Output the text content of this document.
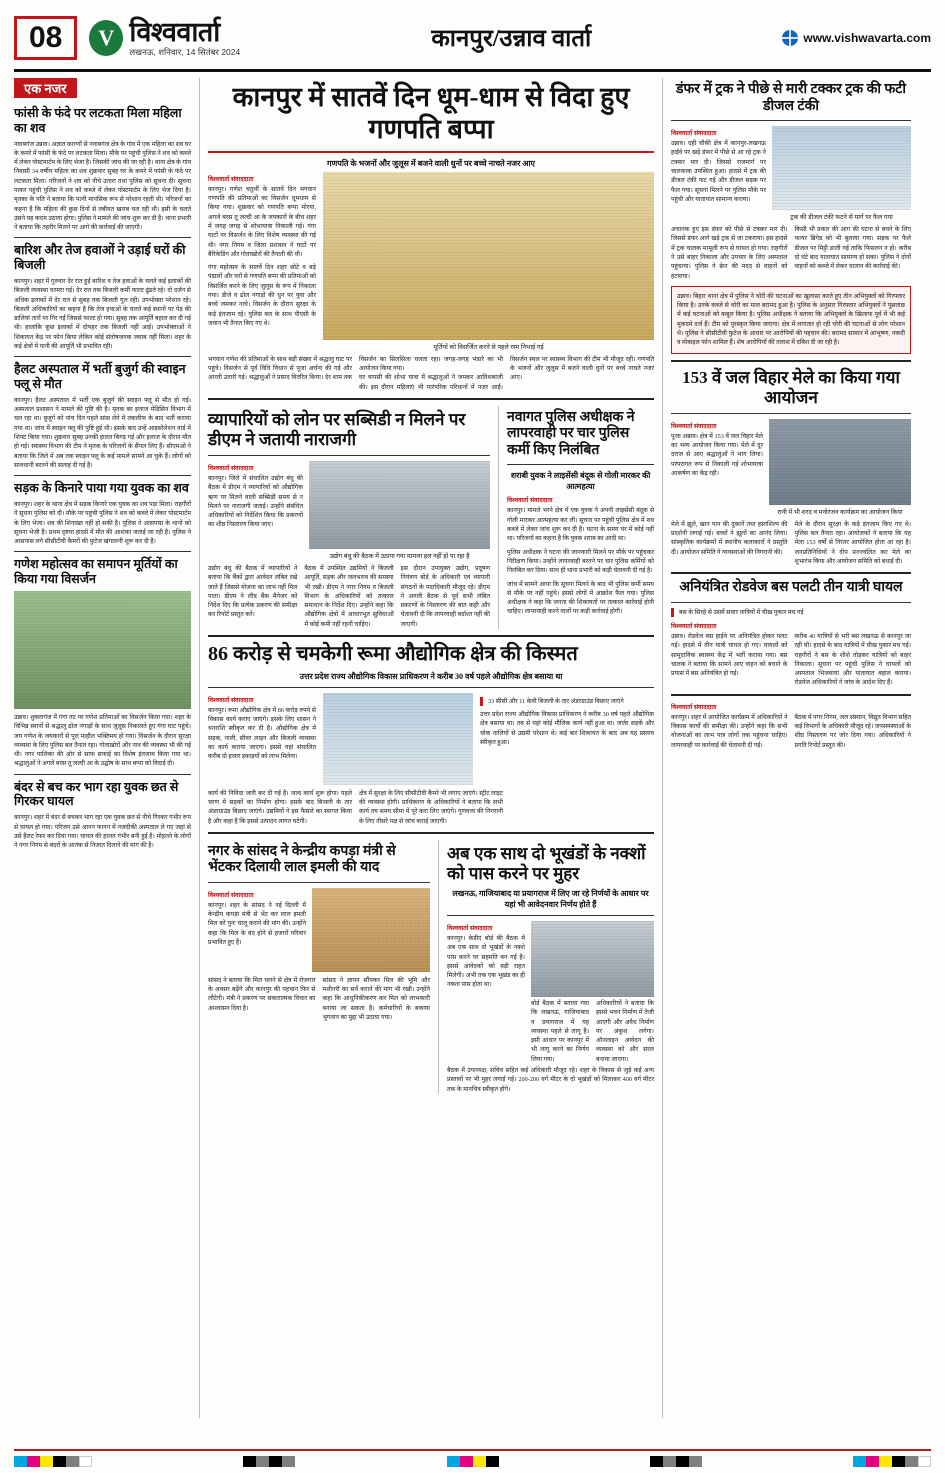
08	V विश्ववार्ता
लखनऊ, शनिवार, 14 सितंबर 2024	कानपुर/उन्नाव वार्ता	www.vishwavarta.com
एक नजर
फांसी के फंदे पर लटकता मिला महिला का शव
नवाबगंज उन्नाव। अज्ञात कारणों से नवाबगंज क्षेत्र के गांव में एक महिला का शव घर के कमरे में फांसी के फंदे पर लटकता मिला। मौके पर पहुंची पुलिस ने शव को कब्जे में लेकर पोस्टमार्टम के लिए भेजा है। जिसकी जांच की जा रही है। थाना क्षेत्र के गांव निवासी 34 वर्षीय महिला का शव शुक्रवार सुबह घर के कमरे में फांसी के फंदे पर लटकता मिला। परिजनों ने शव को नीचे उतारा तथा पुलिस को सूचना दी। सूचना पाकर पहुंची पुलिस ने शव को कब्जे में लेकर पोस्टमार्टम के लिए भेज दिया है। मृतका के पति ने बताया कि पत्नी मानसिक रूप से परेशान रहती थी। परिजनों का कहना है कि महिला की कुछ दिनों से तबीयत खराब चल रही थी। इसी के चलते उसने यह कदम उठाया होगा। पुलिस ने मामले की जांच शुरू कर दी है। थाना प्रभारी ने बताया कि तहरीर मिलने पर आगे की कार्रवाई की जाएगी।
बारिश और तेज हवाओं ने उड़ाई घरों की बिजली
कानपुर। शहर में गुरुवार देर रात हुई बारिश व तेज हवाओं के चलते कई इलाकों की बिजली व्यवस्था चरमरा गई। देर रात तक बिजली कर्मी फाल्ट ढूंढते रहे। दो दर्जन से अधिक इलाकों में देर रात से सुबह तक बिजली गुल रही। उपभोक्ता परेशान रहे। बिजली अधिकारियों का कहना है कि तेज हवाओं के चलते कई स्थानों पर पेड़ की डालियां तारों पर गिर गईं जिससे फाल्ट हो गया। सुबह तक आपूर्ति बहाल कर दी गई थी। हालांकि कुछ इलाकों में दोपहर तक बिजली नहीं आई। उपभोक्ताओं ने शिकायत केंद्र पर फोन किया लेकिन कोई संतोषजनक जवाब नहीं मिला। शहर के कई क्षेत्रों में पानी की आपूर्ति भी प्रभावित रही।
हैलट अस्पताल में भर्ती बुजुर्ग की स्वाइन फ्लू से मौत
कानपुर। हैलट अस्पताल में भर्ती एक बुजुर्ग की स्वाइन फ्लू से मौत हो गई। अस्पताल प्रशासन ने मामले की पुष्टि की है। मृतक का इलाज मेडिसिन विभाग में चल रहा था। बुजुर्ग को पांच दिन पहले सांस लेने में तकलीफ के बाद भर्ती कराया गया था। जांच में स्वाइन फ्लू की पुष्टि हुई थी। इसके बाद उन्हें आइसोलेशन वार्ड में शिफ्ट किया गया। शुक्रवार सुबह उनकी हालत बिगड़ गई और इलाज के दौरान मौत हो गई। स्वास्थ्य विभाग की टीम ने मृतक के परिजनों के सैंपल लिए हैं। सीएमओ ने बताया कि जिले में अब तक स्वाइन फ्लू के कई मामले सामने आ चुके हैं। लोगों को सावधानी बरतने की सलाह दी गई है।
सड़क के किनारे पाया गया युवक का शव
कानपुर। शहर के थाना क्षेत्र में सड़क किनारे एक युवक का शव पड़ा मिला। राहगीरों ने सूचना पुलिस को दी। मौके पर पहुंची पुलिस ने शव को कब्जे में लेकर पोस्टमार्टम के लिए भेजा। शव की शिनाख्त नहीं हो सकी है। पुलिस ने आसपास के थानों को सूचना भेजी है। प्रथम दृष्टया हादसे में मौत की आशंका जताई जा रही है। पुलिस ने आसपास लगे सीसीटीवी कैमरों की फुटेज खंगालनी शुरू कर दी है।
गणेश महोत्सव का समापन मूर्तियों का किया गया विसर्जन
उन्नाव। शुक्लागंज में गंगा तट पर गणेश प्रतिमाओं का विसर्जन किया गया। शहर के विभिन्न स्थानों से श्रद्धालु ढोल नगाड़ों के साथ जुलूस निकालते हुए गंगा घाट पहुंचे। जय गणेश के जयकारों से पूरा माहौल भक्तिमय हो गया। विसर्जन के दौरान सुरक्षा व्यवस्था के लिए पुलिस बल तैनात रहा। गोताखोरों और नाव की व्यवस्था भी की गई थी। नगर पालिका की ओर से साफ सफाई का विशेष इंतजाम किया गया था। श्रद्धालुओं ने अगले बरस तू जल्दी आ के उद्घोष के साथ बप्पा को विदाई दी।
बंदर से बच कर भाग रहा युवक छत से गिरकर घायल
कानपुर। शहर में बंदर से बचकर भाग रहा एक युवक छत से नीचे गिरकर गंभीर रूप से घायल हो गया। परिजन उसे आनन फानन में नजदीकी अस्पताल ले गए जहां से उसे हैलट रेफर कर दिया गया। घायल की हालत गंभीर बनी हुई है। मोहल्ले के लोगों ने नगर निगम से बंदरों के आतंक से निजात दिलाने की मांग की है।
कानपुर में सातवें दिन धूम-धाम से विदा हुए गणपति बप्पा
गणपति के भजनों और जुलूस में बजने वाली धुनों पर बच्चे नाचते नजर आए
विश्ववार्ता संवाददाता
कानपुर। गणेश चतुर्थी के सातवें दिन भगवान गणपति की प्रतिमाओं का विसर्जन धूमधाम से किया गया। शुक्रवार को गणपति बप्पा मोरया, अगले बरस तू जल्दी आ के जयकारों के बीच शहर में जगह जगह से शोभायात्रा निकाली गई। गंगा घाटों पर विसर्जन के लिए विशेष व्यवस्था की गई थी। नगर निगम व जिला प्रशासन ने घाटों पर बैरिकेडिंग और गोताखोरों की तैनाती की थी।
गंगा महोत्सव के सातवें दिन शहर छोटे व बड़े पंडालों और घरों से गणपति बप्पा की प्रतिमाओं को विसर्जित करने के लिए जुलूस के रूप में निकाला गया। डीजे व ढोल नगाड़ों की धुन पर युवा और बच्चे जमकर नाचे। विसर्जन के दौरान सुरक्षा के कड़े इंतजाम रहे। पुलिस बल के साथ पीएसी के जवान भी तैनात किए गए थे।
मूर्तियों को विसर्जित करने से पहले रस्म निभाई गई
भगवान गणेश की प्रतिमाओं के साथ बड़ी संख्या में श्रद्धालु घाट पर पहुंचे। विसर्जन से पूर्व विधि विधान से पूजा अर्चना की गई और आरती उतारी गई। श्रद्धालुओं ने प्रसाद वितरित किया। देर शाम तक विसर्जन का सिलसिला चलता रहा। जगह-जगह भंडारे का भी आयोजन किया गया।
घर वापसी की शोभा यात्रा में श्रद्धालुओं ने जमकर आतिशबाजी की। इस दौरान महिलाएं भी पारंपरिक परिधानों में नजर आईं। विसर्जन स्थल पर स्वास्थ्य विभाग की टीम भी मौजूद रही। गणपति के भजनों और जुलूस में बजने वाली धुनों पर बच्चे नाचते नजर आए।
व्यापारियों को लोन पर सब्सिडी न मिलने पर डीएम ने जतायी नाराजगी
विश्ववार्ता संवाददाता
कानपुर। जिले में संचालित उद्योग बंधु की बैठक में डीएम ने व्यापारियों को औद्योगिक ऋण पर मिलने वाली सब्सिडी समय से न मिलने पर नाराजगी जताई। उन्होंने संबंधित अधिकारियों को निर्देशित किया कि प्रकरणों का शीघ्र निस्तारण किया जाए।
उद्योग बंधु की बैठक में उठाया गया मामला हल नहीं हो पा रहा है
उद्योग बंधु की बैठक में व्यापारियों ने बताया कि बैंकों द्वारा आवेदन लंबित रखे जाते हैं जिससे योजना का लाभ नहीं मिल पाता। डीएम ने लीड बैंक मैनेजर को निर्देश दिए कि प्रत्येक प्रकरण की समीक्षा कर रिपोर्ट प्रस्तुत करें।
बैठक में उपस्थित उद्यमियों ने बिजली आपूर्ति, सड़क और जलभराव की समस्या भी रखी। डीएम ने नगर निगम व बिजली विभाग के अधिकारियों को तत्काल समाधान के निर्देश दिए। उन्होंने कहा कि औद्योगिक क्षेत्रों में आधारभूत सुविधाओं में कोई कमी नहीं रहनी चाहिए।
इस दौरान उपायुक्त उद्योग, प्रदूषण नियंत्रण बोर्ड के अधिकारी एवं व्यापारी संगठनों के पदाधिकारी मौजूद रहे। डीएम ने अगली बैठक से पूर्व सभी लंबित प्रकरणों के निस्तारण की बात कही और चेतावनी दी कि लापरवाही बर्दाश्त नहीं की जाएगी।
नवागत पुलिस अधीक्षक ने लापरवाही पर चार पुलिस कर्मी किए निलंबित
शराबी युवक ने लाइसेंसी बंदूक से गोली मारकर की आत्महत्या
विश्ववार्ता संवाददाता
कानपुर। मामले भरने क्षेत्र में एक युवक ने अपनी लाइसेंसी बंदूक से गोली मारकर आत्महत्या कर ली। सूचना पर पहुंची पुलिस क्षेत्र में शव कब्जे में लेकर जांच शुरू कर दी है। घटना के समय घर में कोई नहीं था। परिजनों का कहना है कि युवक शराब का आदी था।
पुलिस अधीक्षक ने घटना की जानकारी मिलने पर मौके पर पहुंचकर निरीक्षण किया। उन्होंने लापरवाही बरतने पर चार पुलिस कर्मियों को निलंबित कर दिया। साथ ही थाना प्रभारी को कड़ी चेतावनी दी गई है।
जांच में सामने आया कि सूचना मिलने के बाद भी पुलिस कर्मी समय से मौके पर नहीं पहुंचे। इससे लोगों में आक्रोश फैल गया। पुलिस अधीक्षक ने कहा कि जनता की शिकायतों पर तत्काल कार्रवाई होनी चाहिए। लापरवाही करने वालों पर कड़ी कार्रवाई होगी।
86 करोड़ से चमकेगी रूमा औद्योगिक क्षेत्र की किस्मत
उत्तर प्रदेश राज्य औद्योगिक विकास प्राधिकरण ने करीब 30 वर्ष पहले औद्योगिक क्षेत्र बसाया था
विश्ववार्ता संवाददाता
कानपुर। रूमा औद्योगिक क्षेत्र में 86 करोड़ रुपये से विकास कार्य कराए जाएंगे। इसके लिए शासन ने धनराशि स्वीकृत कर दी है। औद्योगिक क्षेत्र में सड़क, नाली, सीवर लाइन और बिजली व्यवस्था का कार्य कराया जाएगा। इससे यहां संचालित करीब दो हजार इकाइयों को लाभ मिलेगा।
33 सीसी और 11 केवी बिजली के तार अंडरग्राउंड बिछाए जाएंगे
उत्तर प्रदेश राज्य औद्योगिक विकास प्राधिकरण ने करीब 30 वर्ष पहले औद्योगिक क्षेत्र बसाया था। तब से यहां कोई मौलिक कार्य नहीं हुआ था। जर्जर सड़कें और चोक नालियों से उद्यमी परेशान थे। कई बार शिकायत के बाद अब यह प्रस्ताव स्वीकृत हुआ।
कार्य की निविदा जारी कर दी गई है। जल्द कार्य शुरू होगा। पहले चरण में सड़कों का निर्माण होगा। इसके बाद बिजली के तार अंडरग्राउंड बिछाए जाएंगे। उद्यमियों ने इस फैसले का स्वागत किया है और कहा है कि इससे उत्पादन लागत घटेगी।
क्षेत्र में सुरक्षा के लिए सीसीटीवी कैमरे भी लगाए जाएंगे। स्ट्रीट लाइट की व्यवस्था होगी। प्राधिकरण के अधिकारियों ने बताया कि सभी कार्य तय समय सीमा में पूरे करा लिए जाएंगे। गुणवत्ता की निगरानी के लिए तीसरे पक्ष से जांच कराई जाएगी।
नगर के सांसद ने केन्द्रीय कपड़ा मंत्री से भेंटकर दिलायी लाल इमली की याद
विश्ववार्ता संवाददाता
कानपुर। शहर के सांसद ने नई दिल्ली में केन्द्रीय कपड़ा मंत्री से भेंट कर लाल इमली मिल को पुनः चालू कराने की मांग की। उन्होंने कहा कि मिल के बंद होने से हजारों परिवार प्रभावित हुए हैं।
सांसद ने बताया कि मिल चलने से क्षेत्र में रोजगार के अवसर बढ़ेंगे और कानपुर की पहचान फिर से लौटेगी। मंत्री ने प्रकरण पर सकारात्मक विचार का आश्वासन दिया है।
सांसद ने ज्ञापन सौंपकर मिल की भूमि और मशीनरी का सर्वे कराने की मांग भी रखी। उन्होंने कहा कि आधुनिकीकरण कर मिल को लाभकारी बनाया जा सकता है। कर्मचारियों के बकाया भुगतान का मुद्दा भी उठाया गया।
अब एक साथ दो भूखंडों के नक्शों को पास करने पर मुहर
लखनऊ, गाजियाबाद या प्रयागराज में लिए जा रहे निर्णयों के आधार पर यहां भी आवेदनवार निर्णय होते हैं
विश्ववार्ता संवाददाता
कानपुर। केडीए बोर्ड की बैठक में अब एक साथ दो भूखंडों के नक्शे पास करने पर सहमति बन गई है। इससे आवेदकों को बड़ी राहत मिलेगी। अभी तक एक भूखंड का ही नक्शा पास होता था।
बोर्ड बैठक में बताया गया कि लखनऊ, गाजियाबाद व प्रयागराज में यह व्यवस्था पहले से लागू है। इसी आधार पर कानपुर में भी लागू करने का निर्णय लिया गया।
अधिकारियों ने बताया कि इससे भवन निर्माण में तेजी आएगी और अवैध निर्माण पर अंकुश लगेगा। ऑनलाइन आवेदन की व्यवस्था को और सरल बनाया जाएगा।
बैठक में उपाध्यक्ष, सचिव सहित कई अधिकारी मौजूद रहे। शहर के विकास से जुड़े कई अन्य प्रस्तावों पर भी मुहर लगाई गई। 200-200 वर्ग मीटर के दो भूखंडों को मिलाकर 400 वर्ग मीटर तक के मानचित्र स्वीकृत होंगे।
डंफर में ट्रक ने पीछे से मारी टक्कर ट्रक की फटी डीजल टंकी
विश्ववार्ता संवाददाता
उन्नाव। दही चौकी क्षेत्र में कानपुर-लखनऊ हाईवे पर खड़े डंफर में पीछे से आ रहे ट्रक ने टक्कर मार दी। जिससे राजमार्ग पर चालकाक उपस्थित हुआ। हादसे में ट्रक की डीजल टंकी फट गई और डीजल सड़क पर फैल गया। सूचना मिलने पर पुलिस मौके पर पहुंची और यातायात सामान्य कराया।
ट्रक की डीजल टंकी फटने से मार्ग पर फैल गया
अचानक हुए इस डंफर को पीछे से टक्कर मार दी। जिससे डंफर आगे खड़े ट्रक से जा टकराया। इस हादसे में ट्रक चालक मामूली रूप से घायल हो गया। राहगीरों ने उसे बाहर निकाला और उपचार के लिए अस्पताल पहुंचाया। पुलिस ने क्रेन की मदद से वाहनों को हटवाया।
किसी भी प्रकार की आग की घटना से बचने के लिए फायर ब्रिगेड को भी बुलाया गया। सड़क पर फैले डीजल पर मिट्टी डाली गई ताकि फिसलन न हो। करीब दो घंटे बाद यातायात सामान्य हो सका। पुलिस ने दोनों वाहनों को कब्जे में लेकर चालान की कार्रवाई की।
उन्नाव। बिहार थाना क्षेत्र में पुलिस ने चोरी की घटनाओं का खुलासा करते हुए तीन अभियुक्तों को गिरफ्तार किया है। उनके कब्जे से चोरी का माल बरामद हुआ है। पुलिस के अनुसार गिरफ्तार अभियुक्तों ने पूछताछ में कई घटनाओं को कबूल किया है। पुलिस अधीक्षक ने बताया कि अभियुक्तों के खिलाफ पूर्व में भी कई मुकदमे दर्ज हैं। टीम को पुरस्कृत किया जाएगा। क्षेत्र में लगातार हो रही चोरी की घटनाओं से लोग परेशान थे। पुलिस ने सीसीटीवी फुटेज के आधार पर आरोपियों की पहचान की। बरामद सामान में आभूषण, नकदी व मोबाइल फोन शामिल हैं। शेष आरोपियों की तलाश में दबिश दी जा रही है।
153 वें जल विहार मेले का किया गया आयोजन
विश्ववार्ता संवाददाता
पूजा अन्नाव। क्षेत्र में 153 वें जल विहार मेले का भव्य आयोजन किया गया। मेले में दूर दराज से आए श्रद्धालुओं ने भाग लिया। परंपरागत रूप से निकाली गई शोभायात्रा आकर्षण का केंद्र रही।
रानी में भी शरद व मनोरंजन कार्यक्रम का आयोजन किया
मेले में झूले, खान पान की दुकानें तथा हस्तशिल्प की प्रदर्शनी लगाई गई। बच्चों ने झूलों का आनंद लिया। सांस्कृतिक कार्यक्रमों में स्थानीय कलाकारों ने प्रस्तुति दी। आयोजन समिति ने व्यवस्थाओं की निगरानी की।
मेले के दौरान सुरक्षा के कड़े इंतजाम किए गए थे। पुलिस बल तैनात रहा। आयोजकों ने बताया कि यह मेला 153 वर्षों से निरंतर आयोजित होता आ रहा है। जनप्रतिनिधियों ने दीप प्रज्ज्वलित कर मेले का शुभारंभ किया और आयोजन समिति को बधाई दी।
अनियंत्रित रोडवेज बस पलटी तीन यात्री घायल
बस के सिरहे से उसमें सवार यात्रियों में चीख पुकार मच गई
विश्ववार्ता संवाददाता
उन्नाव। रोडवेज बस हाईवे पर अनियंत्रित होकर पलट गई। हादसे में तीन यात्री घायल हो गए। घायलों को सामुदायिक स्वास्थ्य केंद्र में भर्ती कराया गया। बस चालक ने बताया कि सामने आए वाहन को बचाने के प्रयास में बस अनियंत्रित हो गई।
करीब 40 यात्रियों से भरी बस लखनऊ से कानपुर जा रही थी। हादसे के बाद यात्रियों में चीख पुकार मच गई। राहगीरों ने बस के शीशे तोड़कर यात्रियों को बाहर निकाला। सूचना पर पहुंची पुलिस ने घायलों को अस्पताल भिजवाया और यातायात बहाल कराया। रोडवेज अधिकारियों ने जांच के आदेश दिए हैं।
विश्ववार्ता संवाददाता
कानपुर। शहर में आयोजित कार्यक्रम में अधिकारियों ने विकास कार्यों की समीक्षा की। उन्होंने कहा कि सभी योजनाओं का लाभ पात्र लोगों तक पहुंचना चाहिए। लापरवाही पर कार्रवाई की चेतावनी दी गई।
बैठक में नगर निगम, जल संस्थान, विद्युत विभाग सहित कई विभागों के अधिकारी मौजूद रहे। जनसमस्याओं के शीघ्र निस्तारण पर जोर दिया गया। अधिकारियों ने प्रगति रिपोर्ट प्रस्तुत की।
